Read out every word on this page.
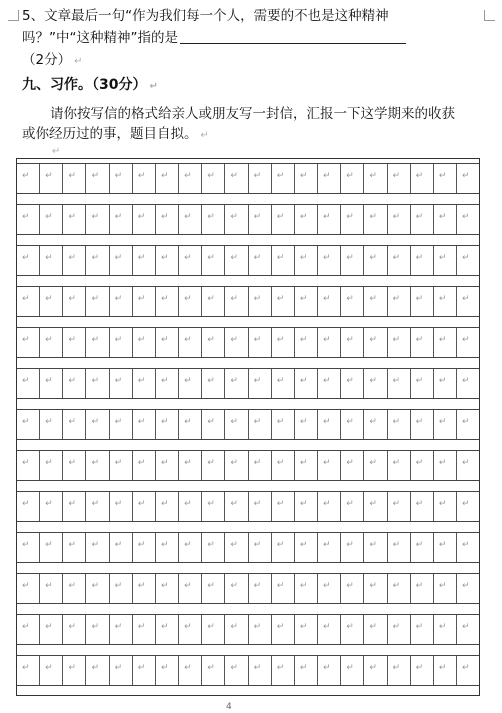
5、文章最后一句“作为我们每一个人，需要的不也是这种精神
吗？”中“这种精神”指的是
（2分） ↵
九、习作。（30分） ↵
请你按写信的格式给亲人或朋友写一封信，汇报一下这学期来的收获或你经历过的事，题目自拟。 ↵
↵
↵
↵
↵
↵
↵
↵
↵
↵
↵
↵
↵
↵
↵
↵
↵
↵
↵
↵
↵
↵
↵
↵
↵
↵
↵
↵
↵
↵
↵
↵
↵
↵
↵
↵
↵
↵
↵
↵
↵
↵
↵
↵
↵
↵
↵
↵
↵
↵
↵
↵
↵
↵
↵
↵
↵
↵
↵
↵
↵
↵
↵
↵
↵
↵
↵
↵
↵
↵
↵
↵
↵
↵
↵
↵
↵
↵
↵
↵
↵
↵
↵
↵
↵
↵
↵
↵
↵
↵
↵
↵
↵
↵
↵
↵
↵
↵
↵
↵
↵
↵
↵
↵
↵
↵
↵
↵
↵
↵
↵
↵
↵
↵
↵
↵
↵
↵
↵
↵
↵
↵
↵
↵
↵
↵
↵
↵
↵
↵
↵
↵
↵
↵
↵
↵
↵
↵
↵
↵
↵
↵
↵
↵
↵
↵
↵
↵
↵
↵
↵
↵
↵
↵
↵
↵
↵
↵
↵
↵
↵
↵
↵
↵
↵
↵
↵
↵
↵
↵
↵
↵
↵
↵
↵
↵
↵
↵
↵
↵
↵
↵
↵
↵
↵
↵
↵
↵
↵
↵
↵
↵
↵
↵
↵
↵
↵
↵
↵
↵
↵
↵
↵
↵
↵
↵
↵
↵
↵
↵
↵
↵
↵
↵
↵
↵
↵
↵
↵
↵
↵
↵
↵
↵
↵
↵
↵
↵
↵
↵
↵
↵
↵
↵
↵
↵
↵
↵
↵
↵
↵
↵
↵
↵
↵
↵
↵
↵
↵
↵
↵
↵
↵
↵
↵
↵
↵
↵
↵
↵
↵
↵
4
